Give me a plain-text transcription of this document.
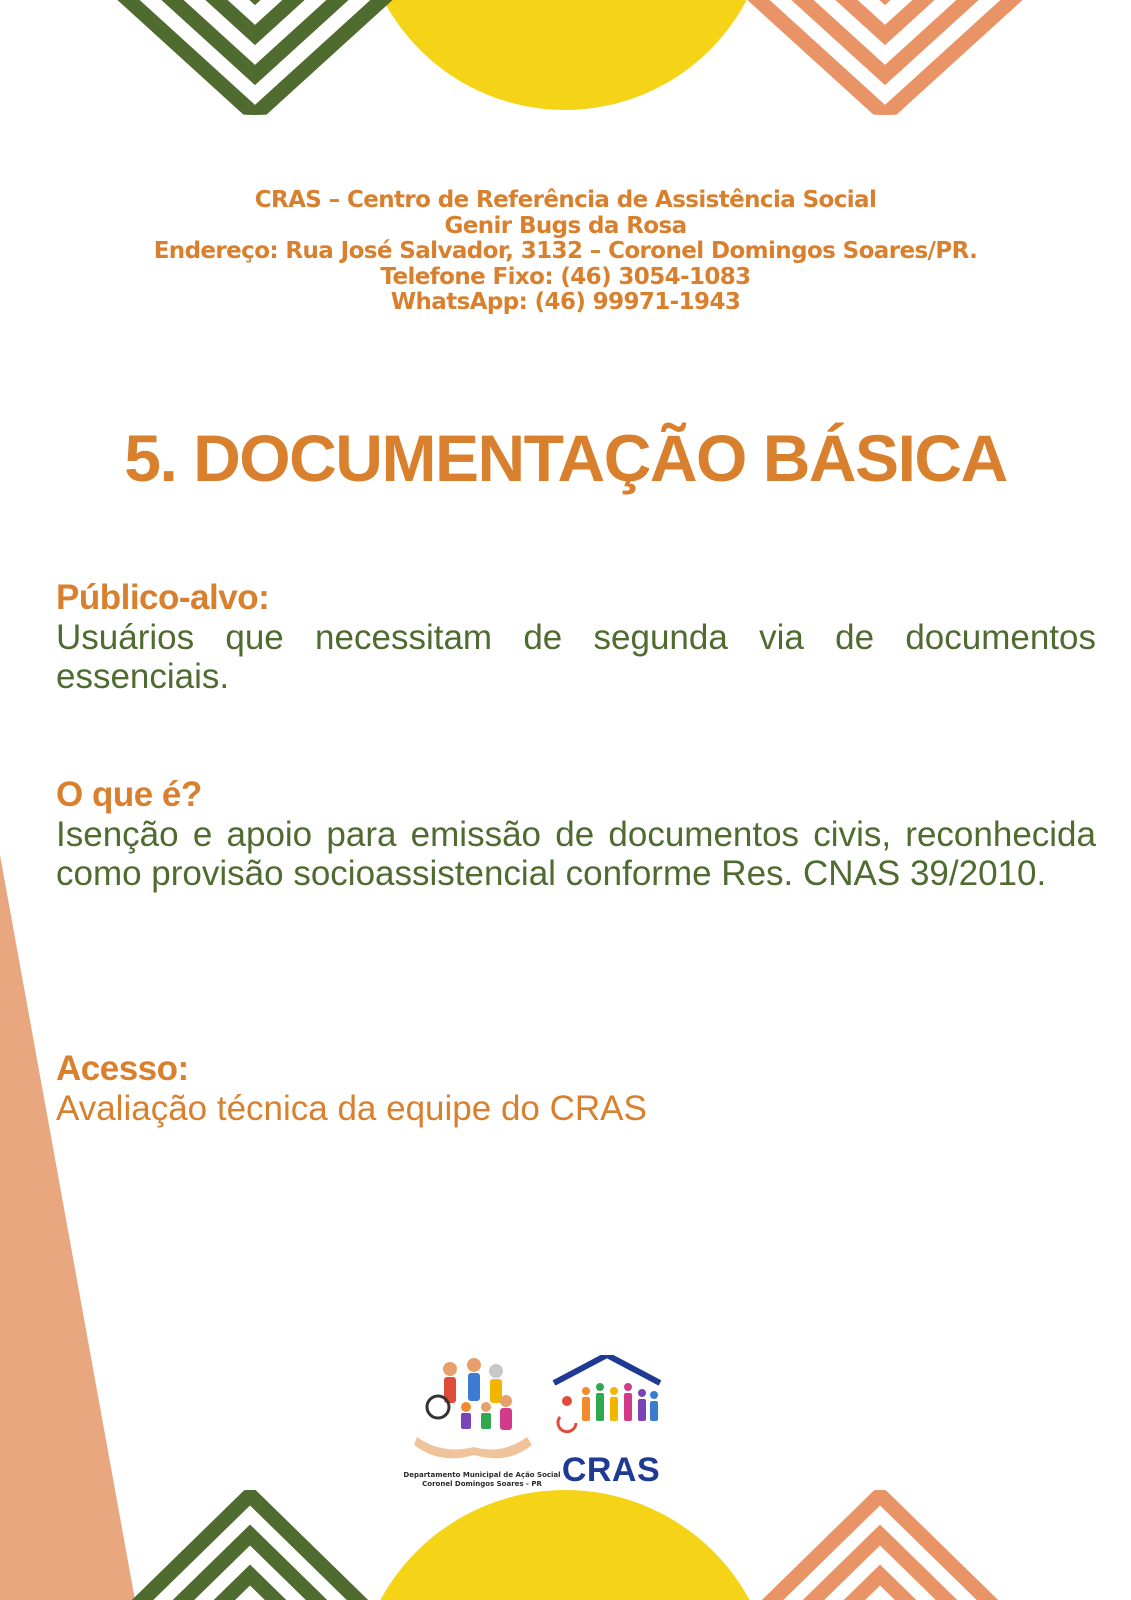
CRAS – Centro de Referência de Assistência Social
Genir Bugs da Rosa
Endereço: Rua José Salvador, 3132 – Coronel Domingos Soares/PR.
Telefone Fixo: (46) 3054-1083
WhatsApp: (46) 99971-1943
5. DOCUMENTAÇÃO BÁSICA
Público-alvo:
Usuários que necessitam de segunda via de documentos essenciais.
O que é?
Isenção e apoio para emissão de documentos civis, reconhecida como provisão socioassistencial conforme Res. CNAS 39/2010.
Acesso:
Avaliação técnica da equipe do CRAS
Departamento Municipal de Ação Social
Coronel Domingos Soares - PR CRAS
